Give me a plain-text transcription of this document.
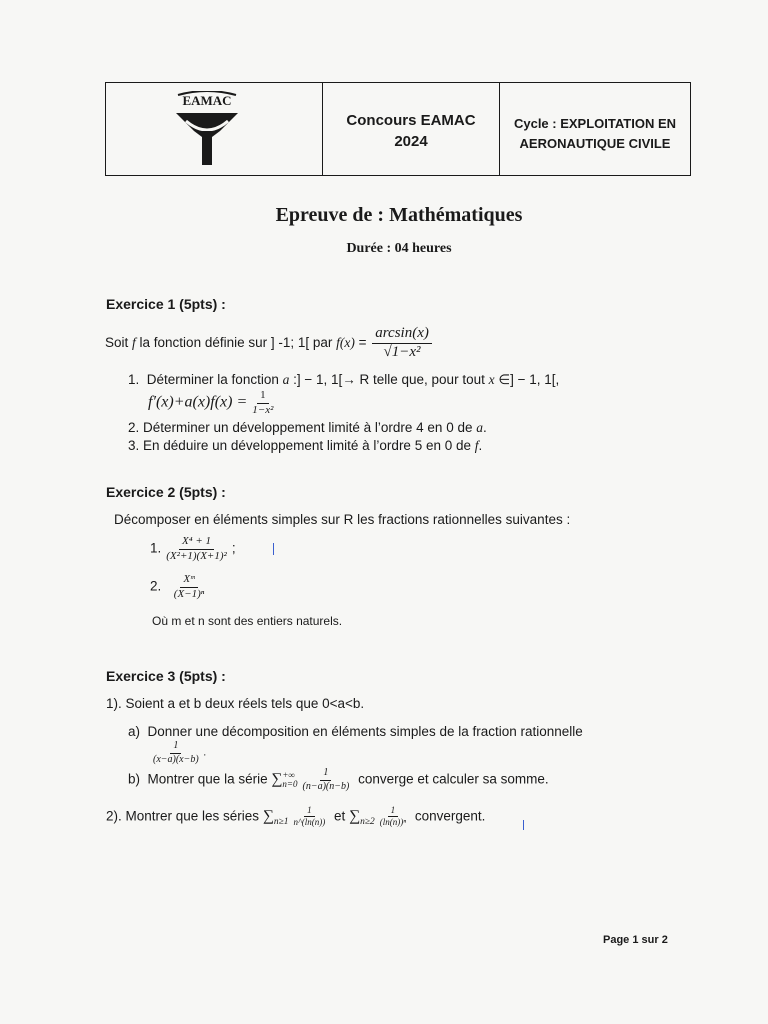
EAMAC
Concours EAMAC
2024
Cycle : EXPLOITATION EN
AERONAUTIQUE CIVILE
Epreuve de : Mathématiques
Durée : 04 heures
Exercice 1 (5pts) :
Soit f la fonction définie sur ] -1; 1[ par $f(x) = \frac{\arcsin(x)}{\text{√1−x²}}$
1. Déterminer la fonction a :] − 1, 1[→ R telle que, pour tout x ∈] − 1, 1[,
$f'(x)+a(x)f(x) = \frac{1}{\text{1−x²}}$
2. Déterminer un développement limité à l’ordre 4 en 0 de a.
3. En déduire un développement limité à l’ordre 5 en 0 de f.
Exercice 2 (5pts) :
Décomposer en éléments simples sur R les fractions rationnelles suivantes :
1. $\frac{\text{X⁴ + 1}}{\text{(X²+1)(X+1)²}}$ ;
2. $\frac{\text{Xᵐ}}{\text{(X−1)ⁿ}}$
Où m et n sont des entiers naturels.
Exercice 3 (5pts) :
1). Soient a et b deux réels tels que 0<a<b.
a) Donner une décomposition en éléments simples de la fraction rationnelle
$\frac{1}{(x-a)(x-b)}$ .
b) Montrer que la série ∑ +∞
$n=0 \frac{1}{(n-a)(n-b)}$ converge et calculer sa somme.
2). Montrer que les séries $\sum_{n\ge 1} \frac{1}{n\^{}(\ln(n))}$ et $\sum_{n\ge 2} \frac{1}{\text{(ln(n))ⁿ}}$ convergent.
Page 1 sur 2
